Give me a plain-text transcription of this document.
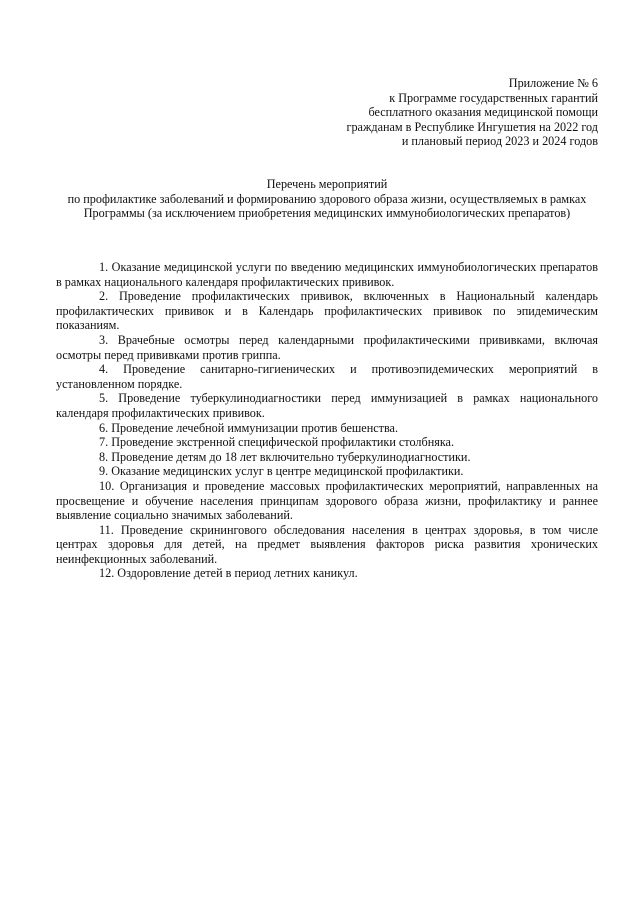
Приложение № 6
к Программе государственных гарантий
бесплатного оказания медицинской помощи
гражданам в Республике Ингушетия на 2022 год
и плановый период 2023 и 2024 годов
Перечень мероприятий
по профилактике заболеваний и формированию здорового образа жизни, осуществляемых в рамках Программы (за исключением приобретения медицинских иммунобиологических препаратов)

1. Оказание медицинской услуги по введению медицинских иммунобиологических препаратов в рамках национального календаря профилактических прививок.

2. Проведение профилактических прививок, включенных в Национальный календарь профилактических прививок и в Календарь профилактических прививок по эпидемическим показаниям.

3. Врачебные осмотры перед календарными профилактическими прививками, включая осмотры перед прививками против гриппа.

4. Проведение санитарно-гигиенических и противоэпидемических мероприятий в установленном порядке.

5. Проведение туберкулинодиагностики перед иммунизацией в рамках национального календаря профилактических прививок.

6. Проведение лечебной иммунизации против бешенства.

7. Проведение экстренной специфической профилактики столбняка.

8. Проведение детям до 18 лет включительно туберкулинодиагностики.

9. Оказание медицинских услуг в центре медицинской профилактики.

10. Организация и проведение массовых профилактических мероприятий, направленных на просвещение и обучение населения принципам здорового образа жизни, профилактику и раннее выявление социально значимых заболеваний.

11. Проведение скринингового обследования населения в центрах здоровья, в том числе центрах здоровья для детей, на предмет выявления факторов риска развития хронических неинфекционных заболеваний.

12. Оздоровление детей в период летних каникул.
